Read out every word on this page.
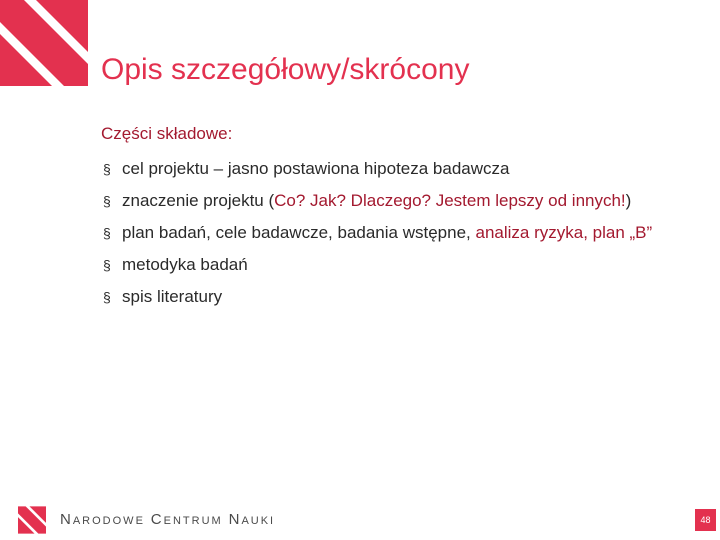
Opis szczegółowy/skrócony
Części składowe:
§ cel projektu – jasno postawiona hipoteza badawcza
§ znaczenie projektu (Co? Jak? Dlaczego? Jestem lepszy od innych!)
§ plan badań, cele badawcze, badania wstępne, analiza ryzyka, plan „B”
§ metodyka badań
§ spis literatury
NARODOWE CENTRUM NAUKI	48
